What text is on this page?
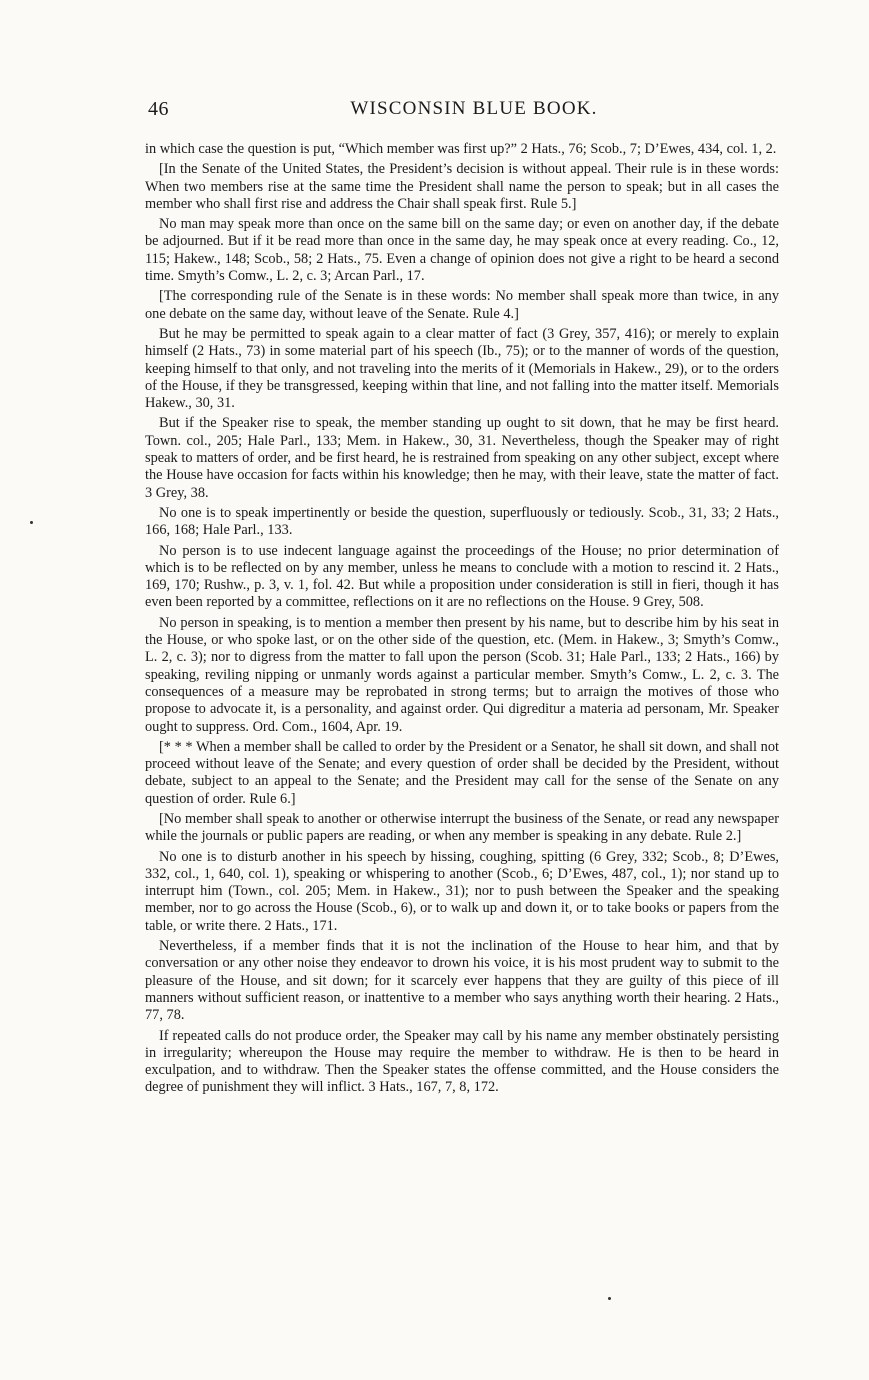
46	WISCONSIN BLUE BOOK.

in which case the question is put, “Which member was first up?” 2 Hats., 76; Scob., 7; D’Ewes, 434, col. 1, 2.

[In the Senate of the United States, the President’s decision is without appeal. Their rule is in these words: When two members rise at the same time the President shall name the person to speak; but in all cases the member who shall first rise and address the Chair shall speak first. Rule 5.]

No man may speak more than once on the same bill on the same day; or even on another day, if the debate be adjourned. But if it be read more than once in the same day, he may speak once at every reading. Co., 12, 115; Hakew., 148; Scob., 58; 2 Hats., 75. Even a change of opinion does not give a right to be heard a second time. Smyth’s Comw., L. 2, c. 3; Arcan Parl., 17.

[The corresponding rule of the Senate is in these words: No member shall speak more than twice, in any one debate on the same day, without leave of the Senate. Rule 4.]

But he may be permitted to speak again to a clear matter of fact (3 Grey, 357, 416); or merely to explain himself (2 Hats., 73) in some material part of his speech (Ib., 75); or to the manner of words of the question, keeping himself to that only, and not traveling into the merits of it (Memorials in Hakew., 29), or to the orders of the House, if they be transgressed, keeping within that line, and not falling into the matter itself. Memorials Hakew., 30, 31.

But if the Speaker rise to speak, the member standing up ought to sit down, that he may be first heard. Town. col., 205; Hale Parl., 133; Mem. in Hakew., 30, 31. Nevertheless, though the Speaker may of right speak to matters of order, and be first heard, he is restrained from speaking on any other subject, except where the House have occasion for facts within his knowledge; then he may, with their leave, state the matter of fact. 3 Grey, 38.

No one is to speak impertinently or beside the question, superfluously or tediously. Scob., 31, 33; 2 Hats., 166, 168; Hale Parl., 133.

No person is to use indecent language against the proceedings of the House; no prior determination of which is to be reflected on by any member, unless he means to conclude with a motion to rescind it. 2 Hats., 169, 170; Rushw., p. 3, v. 1, fol. 42. But while a proposition under consideration is still in fieri, though it has even been reported by a committee, reflections on it are no reflections on the House. 9 Grey, 508.

No person in speaking, is to mention a member then present by his name, but to describe him by his seat in the House, or who spoke last, or on the other side of the question, etc. (Mem. in Hakew., 3; Smyth’s Comw., L. 2, c. 3); nor to digress from the matter to fall upon the person (Scob. 31; Hale Parl., 133; 2 Hats., 166) by speaking, reviling nipping or unmanly words against a particular member. Smyth’s Comw., L. 2, c. 3. The consequences of a measure may be reprobated in strong terms; but to arraign the motives of those who propose to advocate it, is a personality, and against order. Qui digreditur a materia ad personam, Mr. Speaker ought to suppress. Ord. Com., 1604, Apr. 19.

[* * * When a member shall be called to order by the President or a Senator, he shall sit down, and shall not proceed without leave of the Senate; and every question of order shall be decided by the President, without debate, subject to an appeal to the Senate; and the President may call for the sense of the Senate on any question of order. Rule 6.]

[No member shall speak to another or otherwise interrupt the business of the Senate, or read any newspaper while the journals or public papers are reading, or when any member is speaking in any debate. Rule 2.]

No one is to disturb another in his speech by hissing, coughing, spitting (6 Grey, 332; Scob., 8; D’Ewes, 332, col., 1, 640, col. 1), speaking or whispering to another (Scob., 6; D’Ewes, 487, col., 1); nor stand up to interrupt him (Town., col. 205; Mem. in Hakew., 31); nor to push between the Speaker and the speaking member, nor to go across the House (Scob., 6), or to walk up and down it, or to take books or papers from the table, or write there. 2 Hats., 171.

Nevertheless, if a member finds that it is not the inclination of the House to hear him, and that by conversation or any other noise they endeavor to drown his voice, it is his most prudent way to submit to the pleasure of the House, and sit down; for it scarcely ever happens that they are guilty of this piece of ill manners without sufficient reason, or inattentive to a member who says anything worth their hearing. 2 Hats., 77, 78.

If repeated calls do not produce order, the Speaker may call by his name any member obstinately persisting in irregularity; whereupon the House may require the member to withdraw. He is then to be heard in exculpation, and to withdraw. Then the Speaker states the offense committed, and the House considers the degree of punishment they will inflict. 3 Hats., 167, 7, 8, 172.
